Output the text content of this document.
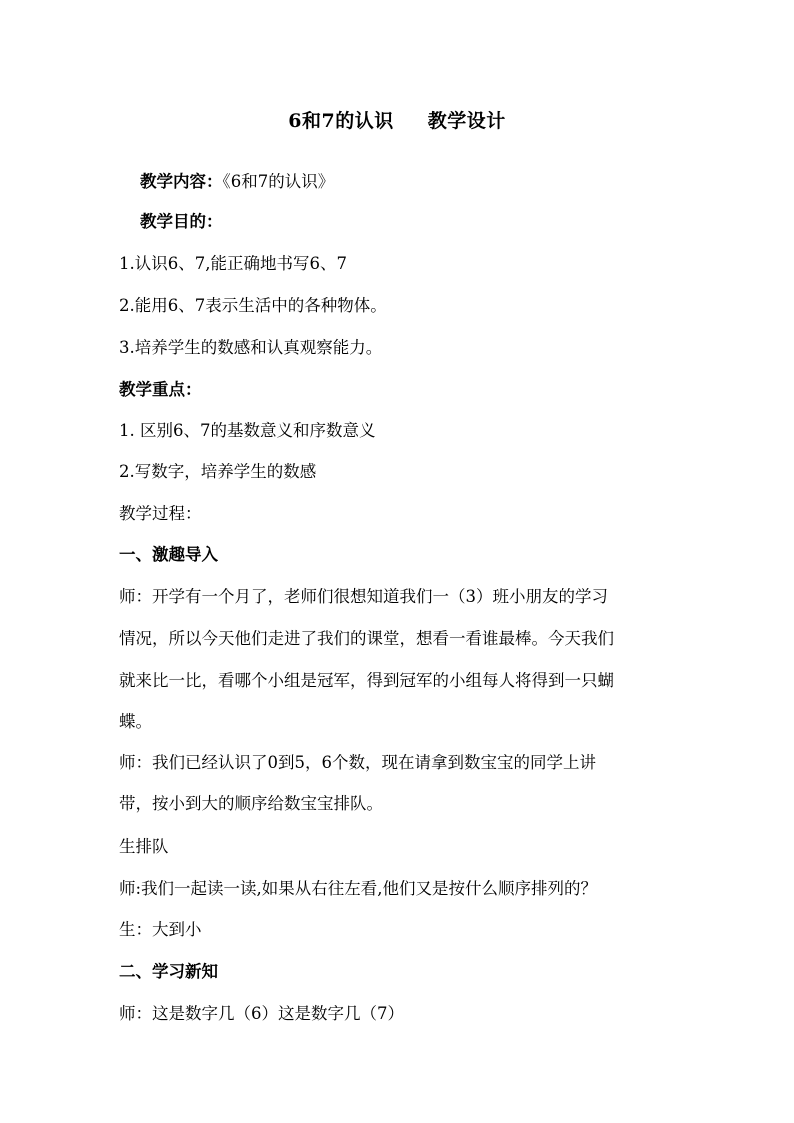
6和7的认识 教学设计
教学内容：《6和7的认识》
教学目的：
1.认识6、7,能正确地书写6、7
2.能用6、7表示生活中的各种物体。
3.培养学生的数感和认真观察能力。
教学重点：
1. 区别6、7的基数意义和序数意义
2.写数字，培养学生的数感
教学过程：
一、激趣导入
师：开学有一个月了，老师们很想知道我们一（3）班小朋友的学习
情况，所以今天他们走进了我们的课堂，想看一看谁最棒。今天我们
就来比一比，看哪个小组是冠军，得到冠军的小组每人将得到一只蝴
蝶。
师：我们已经认识了0到5，6个数，现在请拿到数宝宝的同学上讲
带，按小到大的顺序给数宝宝排队。
生排队
师:我们一起读一读,如果从右往左看,他们又是按什么顺序排列的？
生：大到小
二、学习新知
师：这是数字几（6）这是数字几（7）
